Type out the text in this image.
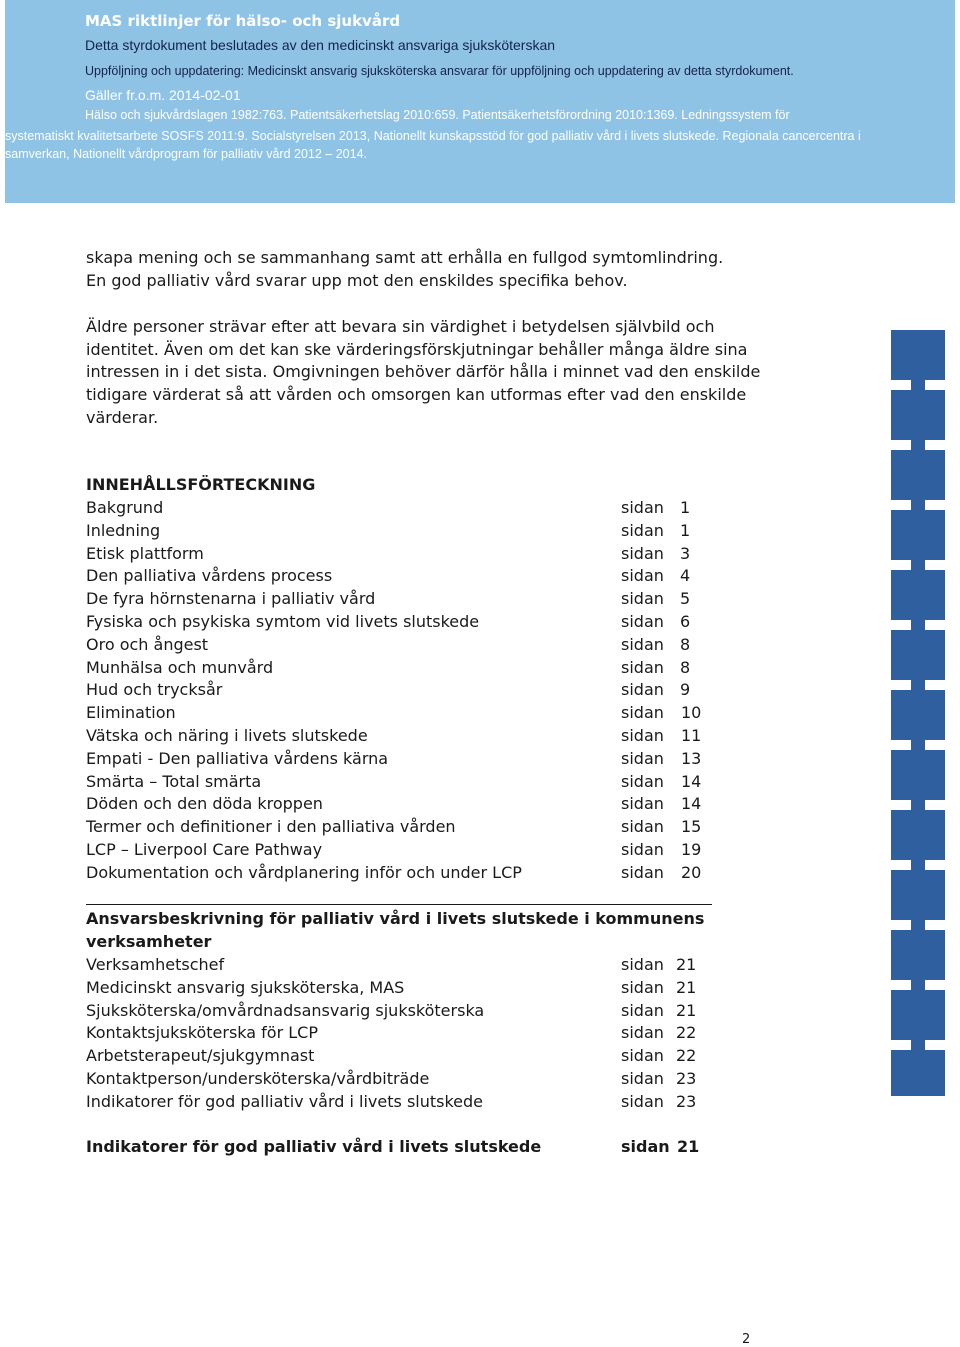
MAS riktlinjer för hälso- och sjukvård
Detta styrdokument beslutades av den medicinskt ansvariga sjuksköterskan
Uppföljning och uppdatering: Medicinskt ansvarig sjuksköterska ansvarar för uppföljning och uppdatering av detta styrdokument.
Gäller fr.o.m. 2014-02-01
Hälso och sjukvårdslagen 1982:763. Patientsäkerhetslag 2010:659. Patientsäkerhetsförordning 2010:1369. Ledningssystem för
systematiskt kvalitetsarbete SOSFS 2011:9. Socialstyrelsen 2013, Nationellt kunskapsstöd för god palliativ vård i livets slutskede. Regionala cancercentra i
samverkan, Nationellt vårdprogram för palliativ vård 2012 – 2014.
skapa mening och se sammanhang samt att erhålla en fullgod symtomlindring.
En god palliativ vård svarar upp mot den enskildes specifika behov.
Äldre personer strävar efter att bevara sin värdighet i betydelsen självbild och
identitet. Även om det kan ske värderingsförskjutningar behåller många äldre sina
intressen in i det sista. Omgivningen behöver därför hålla i minnet vad den enskilde
tidigare värderat så att vården och omsorgen kan utformas efter vad den enskilde
värderar.
INNEHÅLLSFÖRTECKNING
Bakgrund	sidan 1
Inledning	sidan 1
Etisk plattform	sidan 3
Den palliativa vårdens process	sidan 4
De fyra hörnstenarna i palliativ vård	sidan 5
Fysiska och psykiska symtom vid livets slutskede	sidan 6
Oro och ångest	sidan 8
Munhälsa och munvård	sidan 8
Hud och trycksår	sidan 9
Elimination	sidan 10
Vätska och näring i livets slutskede	sidan 11
Empati - Den palliativa vårdens kärna	sidan 13
Smärta – Total smärta	sidan 14
Döden och den döda kroppen	sidan 14
Termer och definitioner i den palliativa vården	sidan 15
LCP – Liverpool Care Pathway	sidan 19
Dokumentation och vårdplanering inför och under LCP	sidan 20
Ansvarsbeskrivning för palliativ vård i livets slutskede i kommunens
verksamheter
Verksamhetschef	sidan 21
Medicinskt ansvarig sjuksköterska, MAS	sidan 21
Sjuksköterska/omvårdnadsansvarig sjuksköterska	sidan 21
Kontaktsjuksköterska för LCP	sidan 22
Arbetsterapeut/sjukgymnast	sidan 22
Kontaktperson/undersköterska/vårdbiträde	sidan 23
Indikatorer för god palliativ vård i livets slutskede	sidan 23
Indikatorer för god palliativ vård i livets slutskede	sidan 21
2
